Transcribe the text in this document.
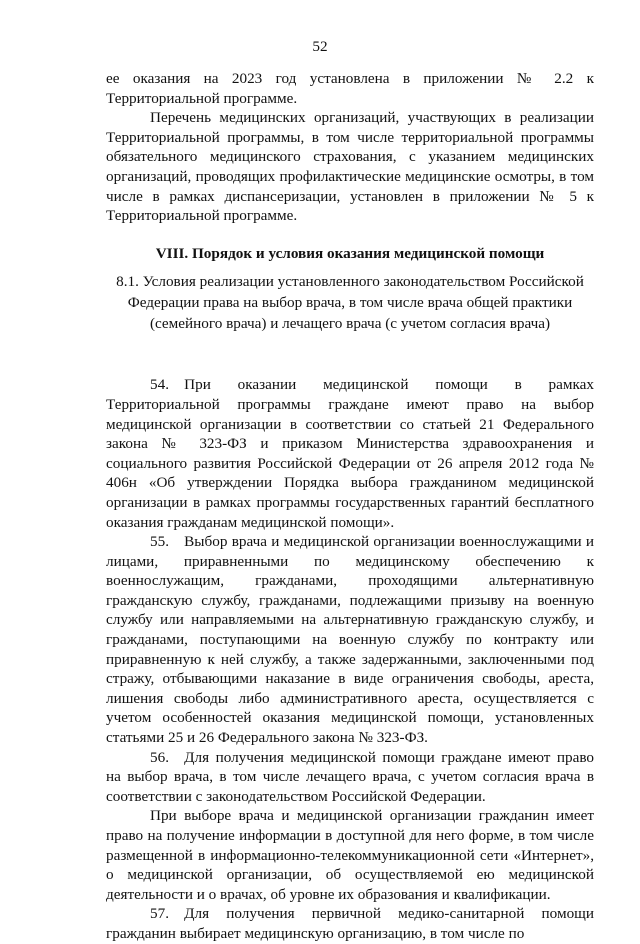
52

ее оказания на 2023 год установлена в приложении № 2.2 к Территориальной программе.

Перечень медицинских организаций, участвующих в реализации Территориальной программы, в том числе территориальной программы обязательного медицинского страхования, с указанием медицинских организаций, проводящих профилактические медицинские осмотры, в том числе в рамках диспансеризации, установлен в приложении № 5 к Территориальной программе.

VIII. Порядок и условия оказания медицинской помощи

8.1. Условия реализации установленного законодательством Российской Федерации права на выбор врача, в том числе врача общей практики (семейного врача) и лечащего врача (с учетом согласия врача)

54. При оказании медицинской помощи в рамках Территориальной программы граждане имеют право на выбор медицинской организации в соответствии со статьей 21 Федерального закона № 323-ФЗ и приказом Министерства здравоохранения и социального развития Российской Федерации от 26 апреля 2012 года № 406н «Об утверждении Порядка выбора гражданином медицинской организации в рамках программы государственных гарантий бесплатного оказания гражданам медицинской помощи».

55. Выбор врача и медицинской организации военнослужащими и лицами, приравненными по медицинскому обеспечению к военнослужащим, гражданами, проходящими альтернативную гражданскую службу, гражданами, подлежащими призыву на военную службу или направляемыми на альтернативную гражданскую службу, и гражданами, поступающими на военную службу по контракту или приравненную к ней службу, а также задержанными, заключенными под стражу, отбывающими наказание в виде ограничения свободы, ареста, лишения свободы либо административного ареста, осуществляется с учетом особенностей оказания медицинской помощи, установленных статьями 25 и 26 Федерального закона № 323-ФЗ.

56. Для получения медицинской помощи граждане имеют право на выбор врача, в том числе лечащего врача, с учетом согласия врача в соответствии с законодательством Российской Федерации.

При выборе врача и медицинской организации гражданин имеет право на получение информации в доступной для него форме, в том числе размещенной в информационно-телекоммуникационной сети «Интернет», о медицинской организации, об осуществляемой ею медицинской деятельности и о врачах, об уровне их образования и квалификации.

57. Для получения первичной медико-санитарной помощи гражданин выбирает медицинскую организацию, в том числе по
